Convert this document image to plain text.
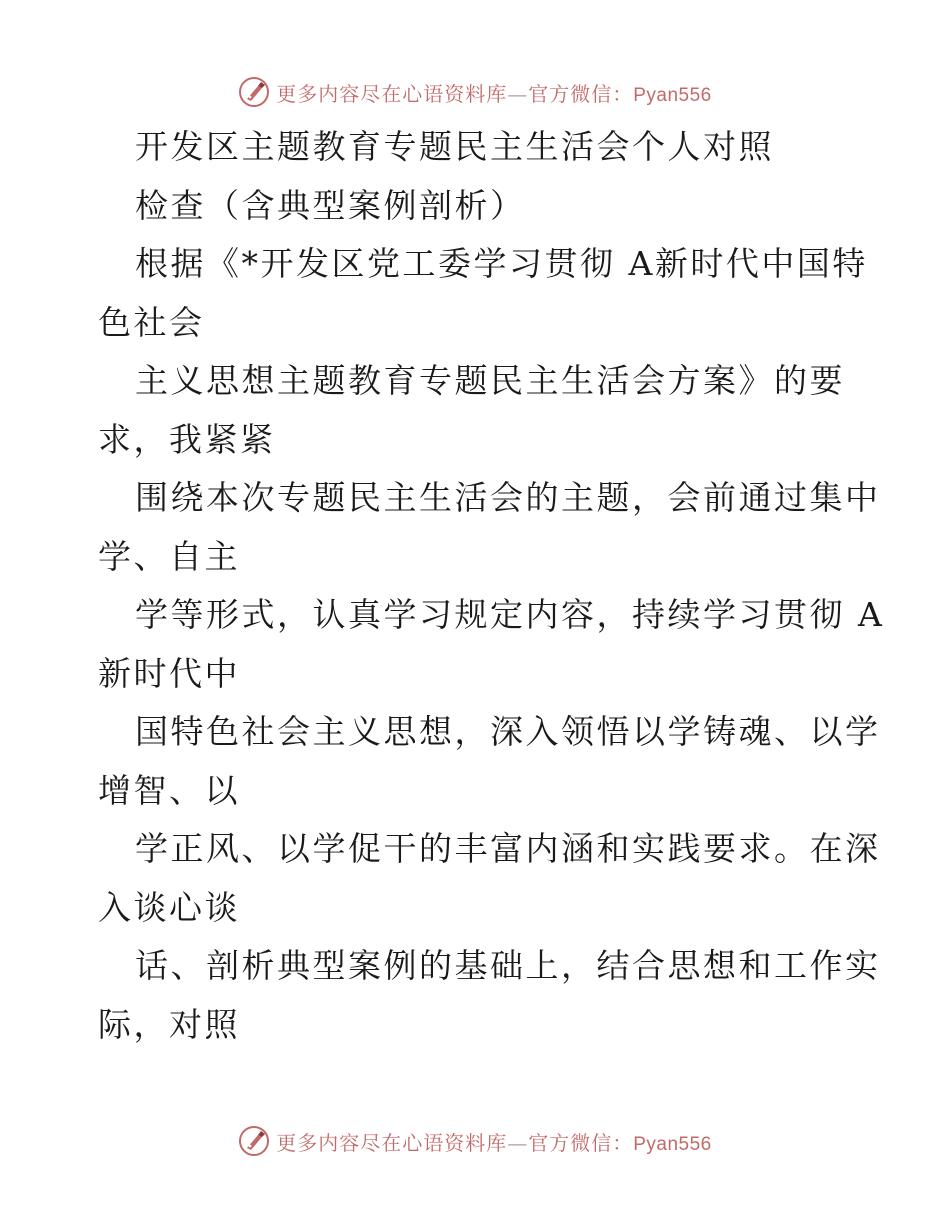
更多内容尽在心语资料库—官方微信：Pyan556
开发区主题教育专题民主生活会个人对照
检查（含典型案例剖析）
根据《*开发区党工委学习贯彻 A新时代中国特
色社会
主义思想主题教育专题民主生活会方案》的要
求，我紧紧
围绕本次专题民主生活会的主题，会前通过集中
学、自主
学等形式，认真学习规定内容，持续学习贯彻 A
新时代中
国特色社会主义思想，深入领悟以学铸魂、以学
增智、以
学正风、以学促干的丰富内涵和实践要求。在深
入谈心谈
话、剖析典型案例的基础上，结合思想和工作实
际，对照
更多内容尽在心语资料库—官方微信：Pyan556
